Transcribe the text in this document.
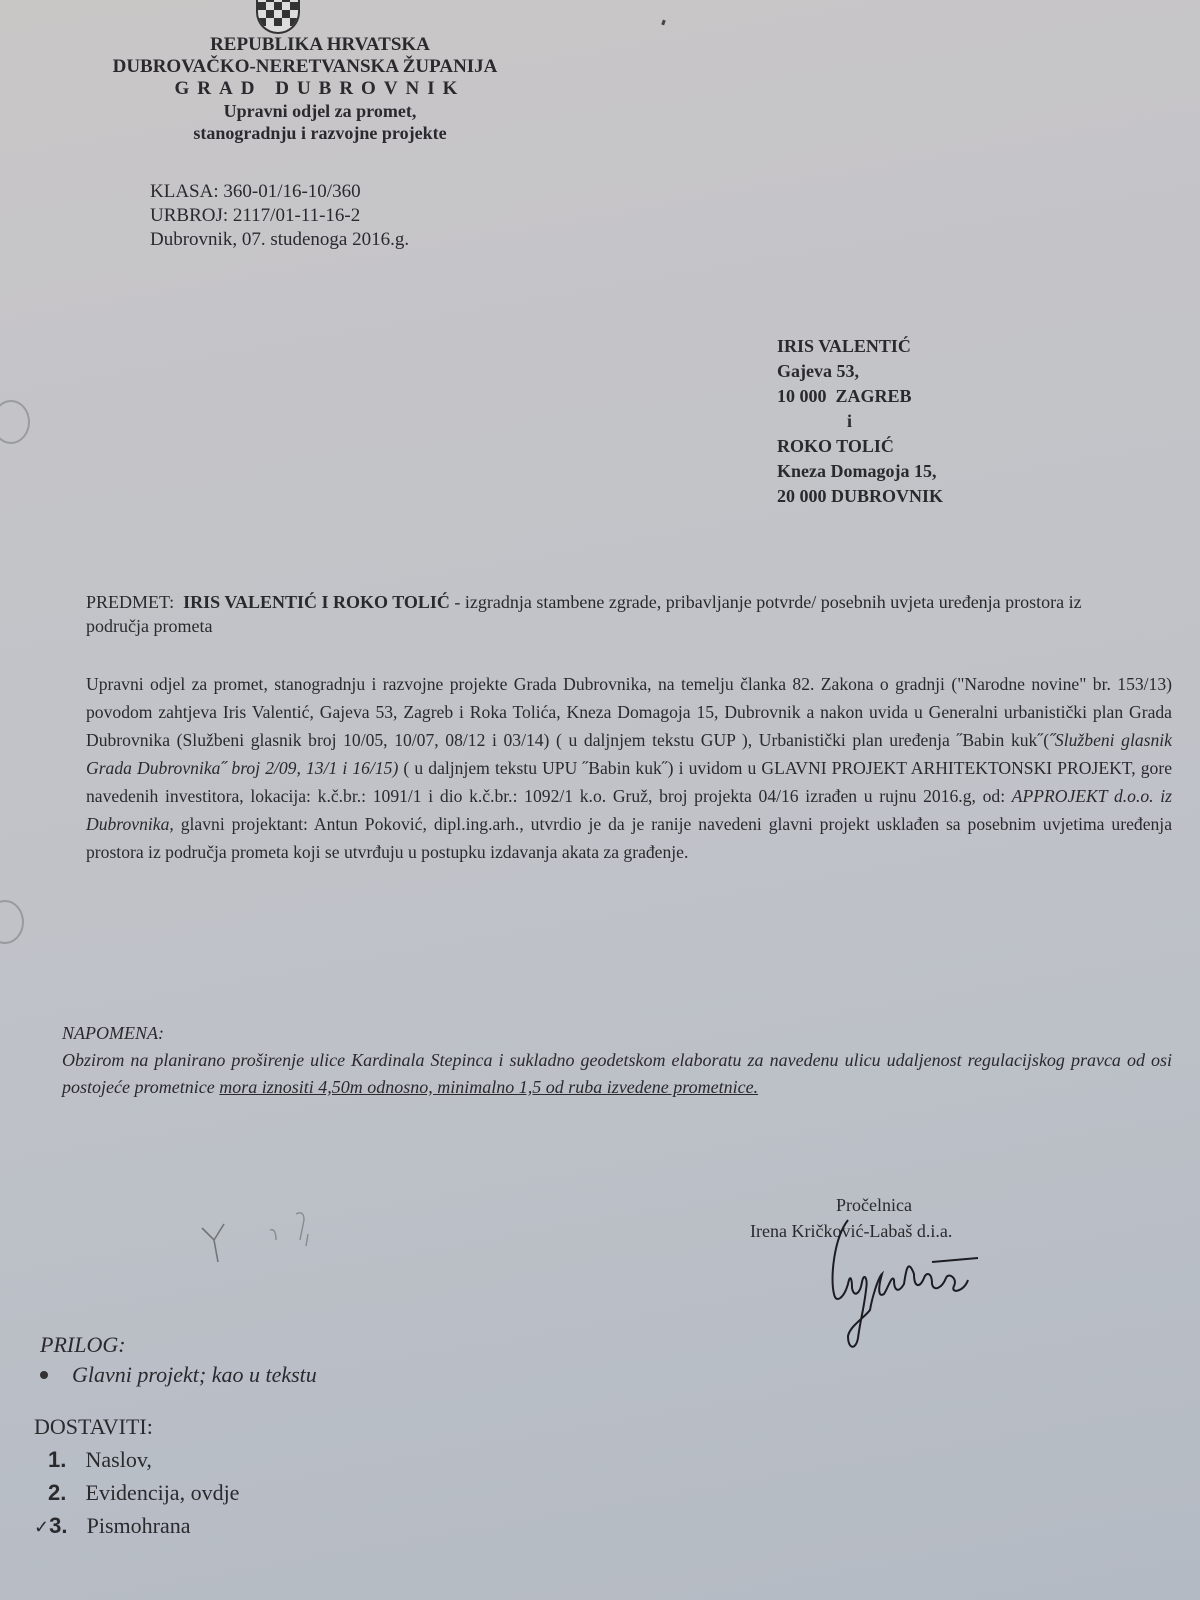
REPUBLIKA HRVATSKA
DUBROVAČKO-NERETVANSKA ŽUPANIJA
GRAD DUBROVNIK
Upravni odjel za promet,
stanogradnju i razvojne projekte
KLASA: 360-01/16-10/360
URBROJ: 2117/01-11-16-2
Dubrovnik, 07. studenoga 2016.g.
IRIS VALENTIĆ
Gajeva 53,
10 000  ZAGREB
i
ROKO TOLIĆ
Kneza Domagoja 15,
20 000 DUBROVNIK
PREDMET: IRIS VALENTIĆ I ROKO TOLIĆ - izgradnja stambene zgrade, pribavljanje potvrde/ posebnih uvjeta uređenja prostora iz područja prometa
Upravni odjel za promet, stanogradnju i razvojne projekte Grada Dubrovnika, na temelju članka 82. Zakona o gradnji ("Narodne novine" br. 153/13) povodom zahtjeva Iris Valentić, Gajeva 53, Zagreb i Roka Tolića, Kneza Domagoja 15, Dubrovnik a nakon uvida u Generalni urbanistički plan Grada Dubrovnika (Službeni glasnik broj 10/05, 10/07, 08/12 i 03/14) ( u daljnjem tekstu GUP ), Urbanistički plan uređenja ˝Babin kuk˝(˝Službeni glasnik Grada Dubrovnika˝ broj 2/09, 13/1 i 16/15) ( u daljnjem tekstu UPU ˝Babin kuk˝) i uvidom u GLAVNI PROJEKT ARHITEKTONSKI PROJEKT, gore navedenih investitora, lokacija: k.č.br.: 1091/1 i dio k.č.br.: 1092/1 k.o. Gruž, broj projekta 04/16 izrađen u rujnu 2016.g, od: APPROJEKT d.o.o. iz Dubrovnika, glavni projektant: Antun Poković, dipl.ing.arh., utvrdio je da je ranije navedeni glavni projekt usklađen sa posebnim uvjetima uređenja prostora iz područja prometa koji se utvrđuju u postupku izdavanja akata za građenje.
NAPOMENA:
Obzirom na planirano proširenje ulice Kardinala Stepinca i sukladno geodetskom elaboratu za navedenu ulicu udaljenost regulacijskog pravca od osi postojeće prometnice mora iznositi 4,50m odnosno, minimalno 1,5 od ruba izvedene prometnice.
Pročelnica
Irena Kričković-Labaš d.i.a.
PRILOG:
Glavni projekt; kao u tekstu
DOSTAVITI:
1. Naslov,
2. Evidencija, ovdje
✓3. Pismohrana
